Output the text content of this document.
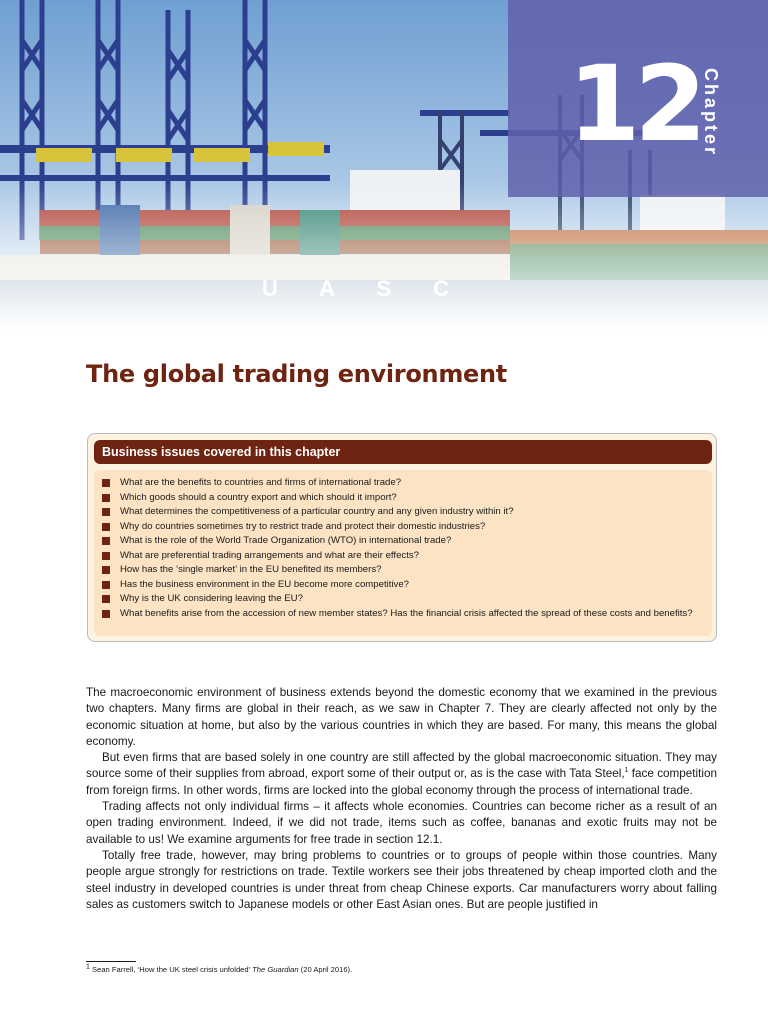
12 Chapter
The global trading environment
Business issues covered in this chapter
What are the benefits to countries and firms of international trade?
Which goods should a country export and which should it import?
What determines the competitiveness of a particular country and any given industry within it?
Why do countries sometimes try to restrict trade and protect their domestic industries?
What is the role of the World Trade Organization (WTO) in international trade?
What are preferential trading arrangements and what are their effects?
How has the ‘single market’ in the EU benefited its members?
Has the business environment in the EU become more competitive?
Why is the UK considering leaving the EU?
What benefits arise from the accession of new member states? Has the financial crisis affected the spread of these costs and benefits?

The macroeconomic environment of business extends beyond the domestic economy that we examined in the previous two chapters. Many firms are global in their reach, as we saw in Chapter 7. They are clearly affected not only by the economic situation at home, but also by the various countries in which they are based. For many, this means the global economy.

But even firms that are based solely in one country are still affected by the global macroeconomic situation. They may source some of their supplies from abroad, export some of their output or, as is the case with Tata Steel,$^1$ face competition from foreign firms. In other words, firms are locked into the global economy through the process of international trade.

Trading affects not only individual firms – it affects whole economies. Countries can become richer as a result of an open trading environment. Indeed, if we did not trade, items such as coffee, bananas and exotic fruits may not be available to us! We examine arguments for free trade in section 12.1.

Totally free trade, however, may bring problems to countries or to groups of people within those countries. Many people argue strongly for restrictions on trade. Textile workers see their jobs threatened by cheap imported cloth and the steel industry in developed countries is under threat from cheap Chinese exports. Car manufacturers worry about falling sales as customers switch to Japanese models or other East Asian ones. But are people justified in

$^1$ Sean Farrell, ‘How the UK steel crisis unfolded’ The Guardian (20 April 2016).
